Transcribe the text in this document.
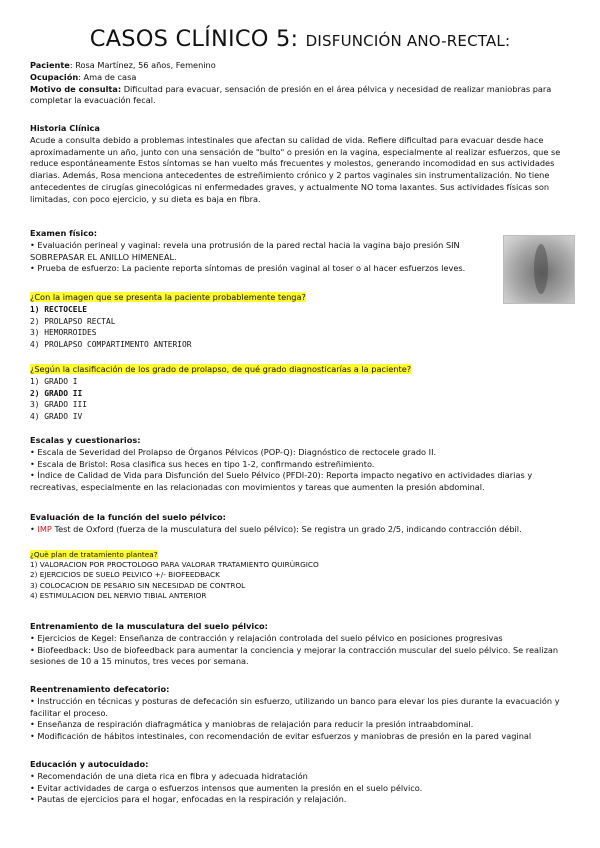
CASOS CLÍNICO 5: DISFUNCIÓN ANO-RECTAL:

Paciente: Rosa Martínez, 56 años, Femenino

Ocupación: Ama de casa

Motivo de consulta: Dificultad para evacuar, sensación de presión en el área pélvica y necesidad de realizar maniobras para completar la evacuación fecal.

Historia Clínica

Acude a consulta debido a problemas intestinales que afectan su calidad de vida. Refiere dificultad para evacuar desde hace aproximadamente un año, junto con una sensación de "bulto" o presión en la vagina, especialmente al realizar esfuerzos, que se reduce espontáneamente Estos síntomas se han vuelto más frecuentes y molestos, generando incomodidad en sus actividades diarias. Además, Rosa menciona antecedentes de estreñimiento crónico y 2 partos vaginales sin instrumentalización. No tiene antecedentes de cirugías ginecológicas ni enfermedades graves, y actualmente NO toma laxantes. Sus actividades físicas son limitadas, con poco ejercicio, y su dieta es baja en fibra.

Examen físico:

• Evaluación perineal y vaginal: revela una protrusión de la pared rectal hacia la vagina bajo presión SIN SOBREPASAR EL ANILLO HIMENEAL.

• Prueba de esfuerzo: La paciente reporta síntomas de presión vaginal al toser o al hacer esfuerzos leves.

¿Con la imagen que se presenta la paciente probablemente tenga?

1) RECTOCELE

2) PROLAPSO RECTAL

3) HEMORROIDES

4) PROLAPSO COMPARTIMENTO ANTERIOR

¿Según la clasificación de los grado de prolapso, de qué grado diagnosticarías a la paciente?

1) GRADO I

2) GRADO II

3) GRADO III

4) GRADO IV

Escalas y cuestionarios:

• Escala de Severidad del Prolapso de Órganos Pélvicos (POP-Q): Diagnóstico de rectocele grado II.

• Escala de Bristol: Rosa clasifica sus heces en tipo 1-2, confirmando estreñimiento.

• Índice de Calidad de Vida para Disfunción del Suelo Pélvico (PFDI-20): Reporta impacto negativo en actividades diarias y recreativas, especialmente en las relacionadas con movimientos y tareas que aumenten la presión abdominal.

Evaluación de la función del suelo pélvico:

• IMP Test de Oxford (fuerza de la musculatura del suelo pélvico): Se registra un grado 2/5, indicando contracción débil.

¿Què plan de tratamiento plantea?

1) VALORACION POR PROCTOLOGO PARA VALORAR TRATAMIENTO QUIRÙRGICO

2) EJERCICIOS DE SUELO PELVICO +/- BIOFEEDBACK

3) COLOCACION DE PESARIO SIN NECESIDAD DE CONTROL

4) ESTIMULACION DEL NERVIO TIBIAL ANTERIOR

Entrenamiento de la musculatura del suelo pélvico:

• Ejercicios de Kegel: Enseñanza de contracción y relajación controlada del suelo pélvico en posiciones progresivas

• Biofeedback: Uso de biofeedback para aumentar la conciencia y mejorar la contracción muscular del suelo pélvico. Se realizan sesiones de 10 a 15 minutos, tres veces por semana.

Reentrenamiento defecatorio:

• Instrucción en técnicas y posturas de defecación sin esfuerzo, utilizando un banco para elevar los pies durante la evacuación y facilitar el proceso.

• Enseñanza de respiración diafragmática y maniobras de relajación para reducir la presión intraabdominal.

• Modificación de hábitos intestinales, con recomendación de evitar esfuerzos y maniobras de presión en la pared vaginal

Educación y autocuidado:

• Recomendación de una dieta rica en fibra y adecuada hidratación

• Evitar actividades de carga o esfuerzos intensos que aumenten la presión en el suelo pélvico.

• Pautas de ejercicios para el hogar, enfocadas en la respiración y relajación.
